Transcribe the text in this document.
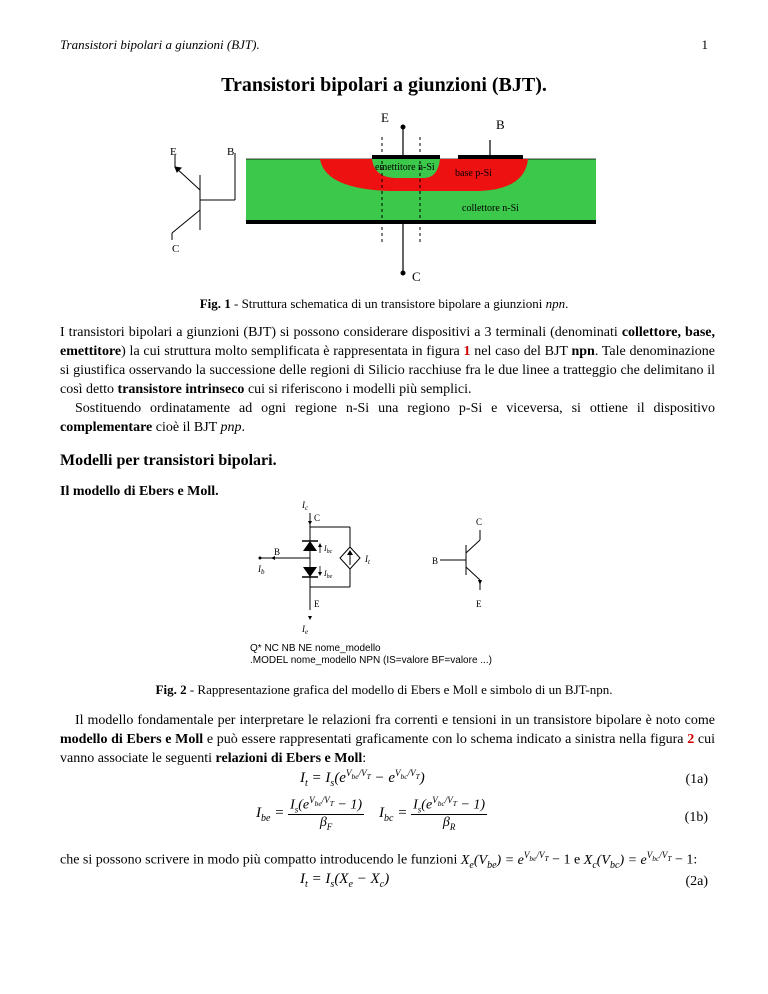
Transistori bipolari a giunzioni (BJT).	1
Transistori bipolari a giunzioni (BJT).
E	B
C
E	B
C
emettitore n-Si
base p-Si
collettore n-Si
Fig. 1 - Struttura schematica di un transistore bipolare a giunzioni npn.
I transistori bipolari a giunzioni (BJT) si possono considerare dispositivi a 3 terminali (denominati collettore, base, emettitore) la cui struttura molto semplificata è rappresentata in figura 1 nel caso del BJT npn. Tale denominazione si giustifica osservando la successione delle regioni di Silicio racchiuse fra le due linee a tratteggio che delimitano il così detto transistore intrinseco cui si riferiscono i modelli più semplici.
Sostituendo ordinatamente ad ogni regione n-Si una regiono p-Si e viceversa, si ottiene il dispositivo complementare cioè il BJT pnp.
Modelli per transistori bipolari.
Il modello di Ebers e Moll.
$I_c$
C
B
$I_b$
$I_{bc}$
$I_{be}$
$I_t$
E
$I_e$
C
B
E
Q* NC NB NE nome_modello
.MODEL nome_modello NPN (IS=valore BF=valore ...)
Fig. 2 - Rappresentazione grafica del modello di Ebers e Moll e simbolo di un BJT-npn.
Il modello fondamentale per interpretare le relazioni fra correnti e tensioni in un transistore bipolare è noto come modello di Ebers e Moll e può essere rappresentati graficamente con lo schema indicato a sinistra nella figura 2 cui vanno associate le seguenti relazioni di Ebers e Moll:
$I_t = I_s(e^{V_{be}/V_T} - e^{V_{bc}/V_T})$	(1a)
$I_{be} = \frac{I_s(e^{V_{be}/V_T} - 1)}{\beta_F} I_{bc} = \frac{I_s(e^{V_{bc}/V_T} - 1)}{\beta_R}$	(1b)
che si possono scrivere in modo più compatto introducendo le funzioni $X_e(V_{be}) = e^{V_{be}/V_T} - 1$ e $X_c(V_{bc}) = e^{V_{bc}/V_T} - 1$:
$I_t = I_s(X_e - X_c)$	(2a)
